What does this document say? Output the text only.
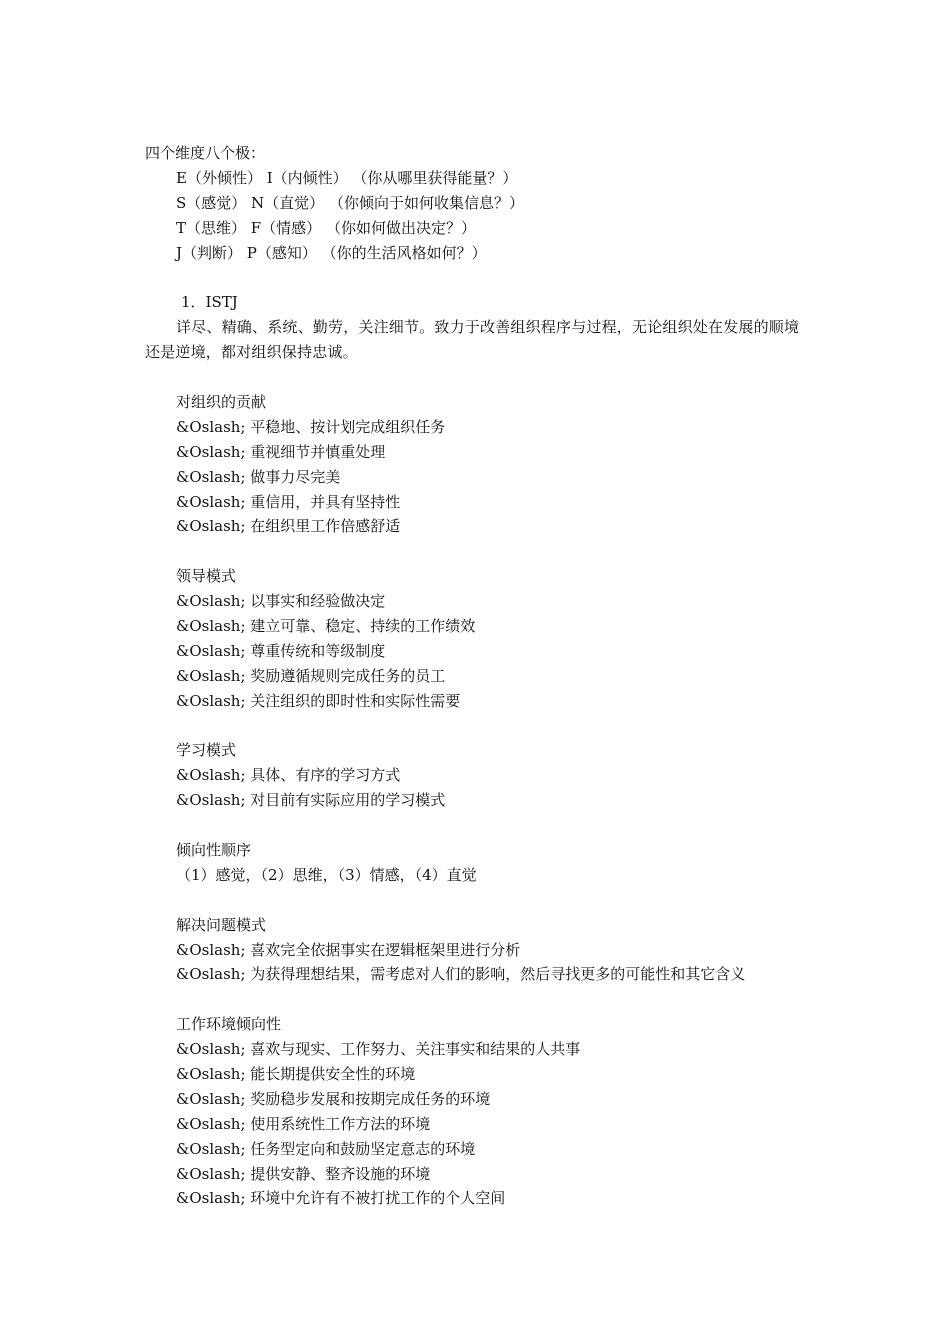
四个维度八个极：
E（外倾性） I（内倾性） （你从哪里获得能量？）
S（感觉） N（直觉） （你倾向于如何收集信息？）
T（思维） F（情感） （你如何做出决定？）
J（判断） P（感知） （你的生活风格如何？）
1．ISTJ
详尽、精确、系统、勤劳，关注细节。致力于改善组织程序与过程，无论组织处在发展的顺境还是逆境，都对组织保持忠诚。
对组织的贡献
&Oslash; 平稳地、按计划完成组织任务
&Oslash; 重视细节并慎重处理
&Oslash; 做事力尽完美
&Oslash; 重信用，并具有坚持性
&Oslash; 在组织里工作倍感舒适
领导模式
&Oslash; 以事实和经验做决定
&Oslash; 建立可靠、稳定、持续的工作绩效
&Oslash; 尊重传统和等级制度
&Oslash; 奖励遵循规则完成任务的员工
&Oslash; 关注组织的即时性和实际性需要
学习模式
&Oslash; 具体、有序的学习方式
&Oslash; 对目前有实际应用的学习模式
倾向性顺序
（1）感觉，（2）思维，（3）情感，（4）直觉
解决问题模式
&Oslash; 喜欢完全依据事实在逻辑框架里进行分析
&Oslash; 为获得理想结果，需考虑对人们的影响，然后寻找更多的可能性和其它含义
工作环境倾向性
&Oslash; 喜欢与现实、工作努力、关注事实和结果的人共事
&Oslash; 能长期提供安全性的环境
&Oslash; 奖励稳步发展和按期完成任务的环境
&Oslash; 使用系统性工作方法的环境
&Oslash; 任务型定向和鼓励坚定意志的环境
&Oslash; 提供安静、整齐设施的环境
&Oslash; 环境中允许有不被打扰工作的个人空间
